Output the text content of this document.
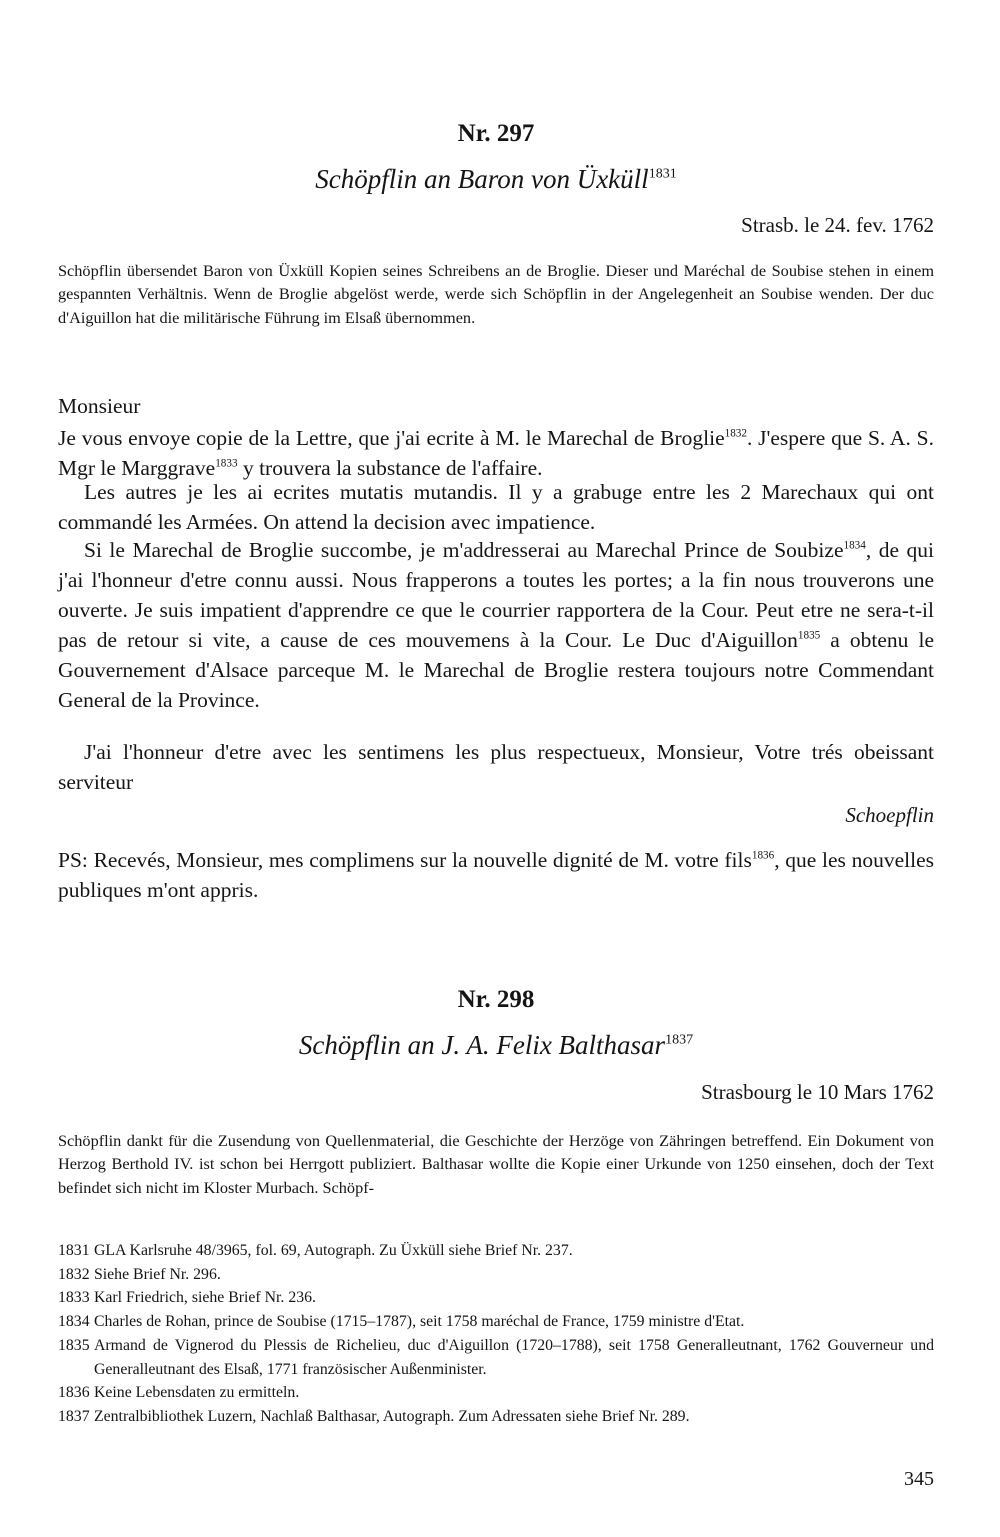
Nr. 297
Schöpflin an Baron von Üxküll$^{1831}$
Strasb. le 24. fev. 1762

Schöpflin übersendet Baron von Üxküll Kopien seines Schreibens an de Broglie. Dieser und Maréchal de Soubise stehen in einem gespannten Verhältnis. Wenn de Broglie abgelöst werde, werde sich Schöpflin in der Angelegenheit an Soubise wenden. Der duc d'Aiguillon hat die militärische Führung im Elsaß übernommen.

Monsieur

Je vous envoye copie de la Lettre, que j'ai ecrite à M. le Marechal de Broglie$^{1832}$. J'espere que S. A. S. Mgr le Marggrave$^{1833}$ y trouvera la substance de l'affaire.

Les autres je les ai ecrites mutatis mutandis. Il y a grabuge entre les 2 Marechaux qui ont commandé les Armées. On attend la decision avec impatience.

Si le Marechal de Broglie succombe, je m'addresserai au Marechal Prince de Soubize$^{1834}$, de qui j'ai l'honneur d'etre connu aussi. Nous frapperons a toutes les portes; a la fin nous trouverons une ouverte. Je suis impatient d'apprendre ce que le courrier rapportera de la Cour. Peut etre ne sera-t-il pas de retour si vite, a cause de ces mouvemens à la Cour. Le Duc d'Aiguillon$^{1835}$ a obtenu le Gouvernement d'Alsace parceque M. le Marechal de Broglie restera toujours notre Commendant General de la Province.

J'ai l'honneur d'etre avec les sentimens les plus respectueux, Monsieur, Votre trés obeissant serviteur

Schoepflin

PS: Recevés, Monsieur, mes complimens sur la nouvelle dignité de M. votre fils$^{1836}$, que les nouvelles publiques m'ont appris.

Nr. 298
Schöpflin an J. A. Felix Balthasar$^{1837}$
Strasbourg le 10 Mars 1762

Schöpflin dankt für die Zusendung von Quellenmaterial, die Geschichte der Herzöge von Zähringen betreffend. Ein Dokument von Herzog Berthold IV. ist schon bei Herrgott publiziert. Balthasar wollte die Kopie einer Urkunde von 1250 einsehen, doch der Text befindet sich nicht im Kloster Murbach. Schöpf-

1831 GLA Karlsruhe 48/3965, fol. 69, Autograph. Zu Üxküll siehe Brief Nr. 237.
1832 Siehe Brief Nr. 296.
1833 Karl Friedrich, siehe Brief Nr. 236.
1834 Charles de Rohan, prince de Soubise (1715–1787), seit 1758 maréchal de France, 1759 ministre d'Etat.
1835 Armand de Vignerod du Plessis de Richelieu, duc d'Aiguillon (1720–1788), seit 1758 Generalleutnant, 1762 Gouverneur und Generalleutnant des Elsaß, 1771 französischer Außenminister.
1836 Keine Lebensdaten zu ermitteln.
1837 Zentralbibliothek Luzern, Nachlaß Balthasar, Autograph. Zum Adressaten siehe Brief Nr. 289.
345
